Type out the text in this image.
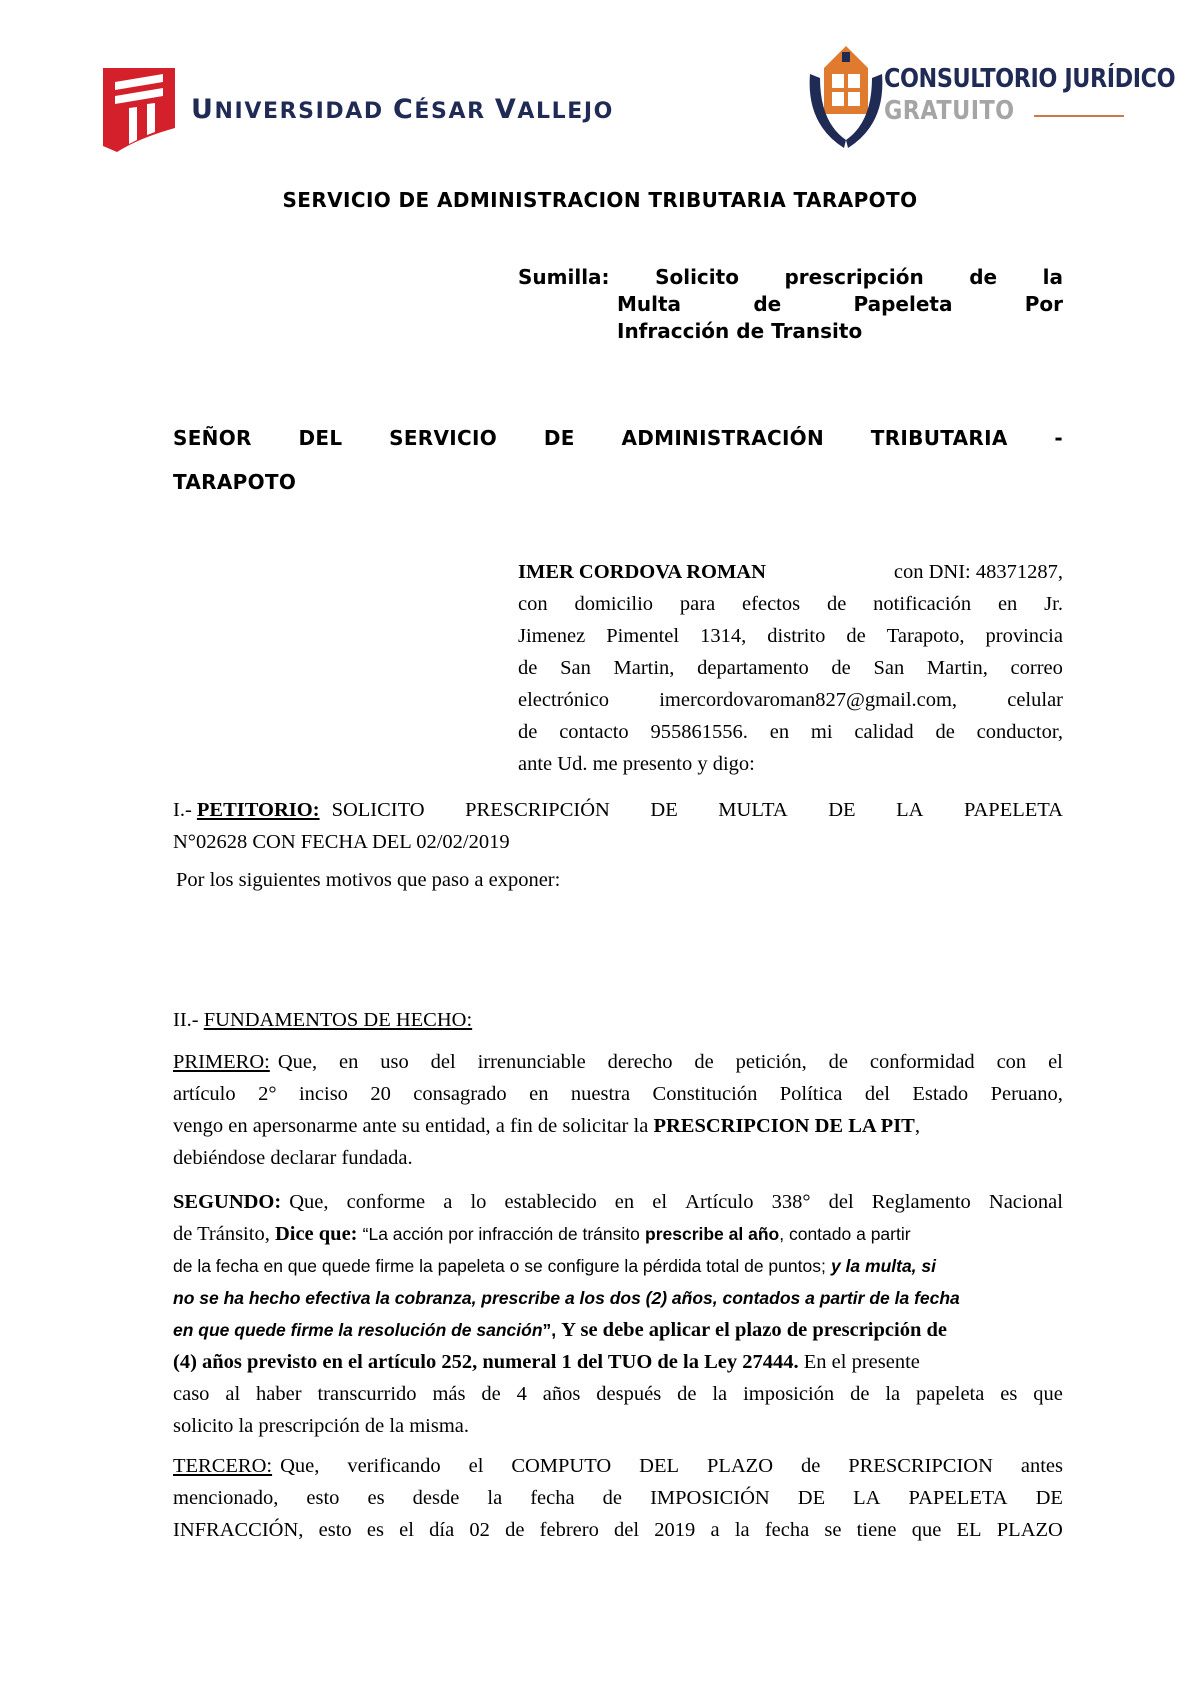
UNIVERSIDAD CÉSAR VALLEJO
CONSULTORIO JURÍDICO
GRATUITO
SERVICIO DE ADMINISTRACION TRIBUTARIA TARAPOTO
Sumilla: Solicito prescripción de la
Multa	de	Papeleta	Por
Infracción de Transito
SEÑOR DEL SERVICIO DE ADMINISTRACIÓN TRIBUTARIA -
TARAPOTO
IMER CORDOVA ROMAN	con DNI: 48371287,
con domicilio para efectos de notificación en Jr.
Jimenez Pimentel 1314, distrito de Tarapoto, provincia
de San Martin, departamento de San Martin, correo
electrónico imercordovaroman827@gmail.com, celular
de contacto 955861556. en mi calidad de conductor,
ante Ud. me presento y digo:
I.- PETITORIO: SOLICITO PRESCRIPCIÓN DE MULTA DE LA PAPELETA
N°02628 CON FECHA DEL 02/02/2019
Por los siguientes motivos que paso a exponer:
II.- FUNDAMENTOS DE HECHO:
PRIMERO: Que, en uso del irrenunciable derecho de petición, de conformidad con el
artículo 2° inciso 20 consagrado en nuestra Constitución Política del Estado Peruano,
vengo en apersonarme ante su entidad, a fin de solicitar la PRESCRIPCION DE LA PIT,
debiéndose declarar fundada.
SEGUNDO: Que, conforme a lo establecido en el Artículo 338° del Reglamento Nacional
de Tránsito, Dice que: “La acción por infracción de tránsito prescribe al año, contado a partir
de la fecha en que quede firme la papeleta o se configure la pérdida total de puntos; y la multa, si
no se ha hecho efectiva la cobranza, prescribe a los dos (2) años, contados a partir de la fecha
en que quede firme la resolución de sanción”, Y se debe aplicar el plazo de prescripción de
(4) años previsto en el artículo 252, numeral 1 del TUO de la Ley 27444. En el presente
caso al haber transcurrido más de 4 años después de la imposición de la papeleta es que
solicito la prescripción de la misma.
TERCERO: Que, verificando el COMPUTO DEL PLAZO de PRESCRIPCION antes
mencionado, esto es desde la fecha de IMPOSICIÓN DE LA PAPELETA DE
INFRACCIÓN, esto es el día 02 de febrero del 2019 a la fecha se tiene que EL PLAZO
